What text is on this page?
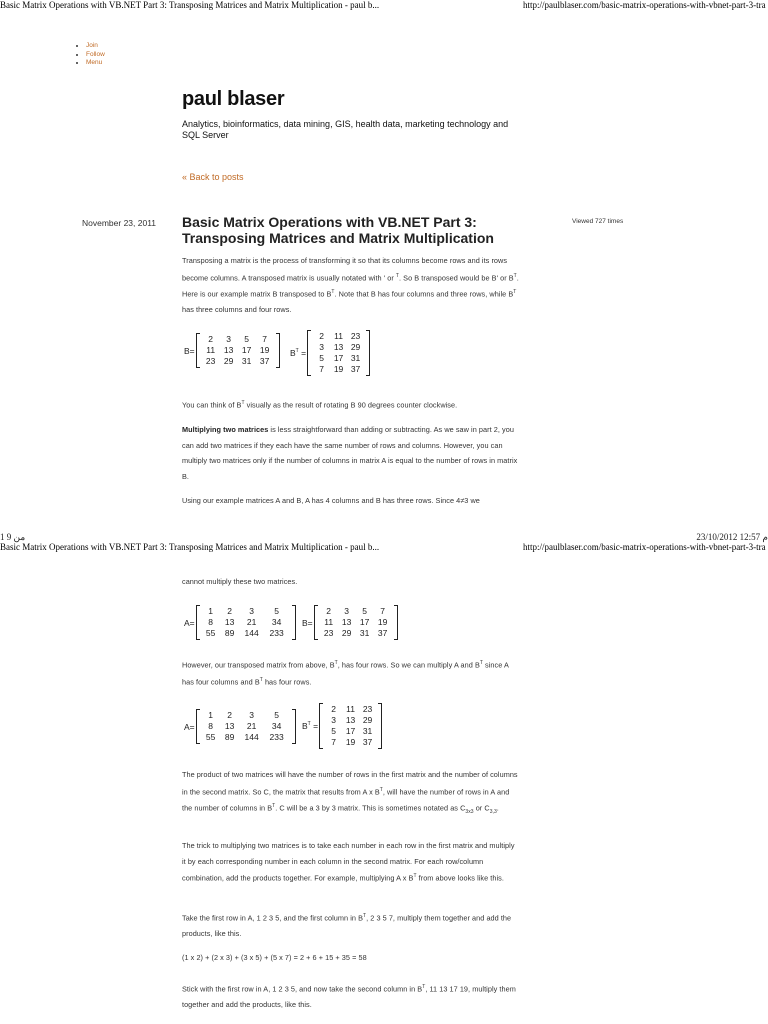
Basic Matrix Operations with VB.NET Part 3: Transposing Matrices and Matrix Multiplication - paul b...	http://paulblaser.com/basic-matrix-operations-with-vbnet-part-3-tra
• Join
• Follow
• Menu
paul blaser
Analytics, bioinformatics, data mining, GIS, health data, marketing technology and SQL Server
« Back to posts
November 23, 2011 Basic Matrix Operations with VB.NET Part 3: Transposing Matrices and Matrix Multiplication
Viewed 727 times

Transposing a matrix is the process of transforming it so that its columns become rows and its rows become columns. A transposed matrix is usually notated with ' or $^T$. So B transposed would be B' or $B^T$. Here is our example matrix B transposed to $B^T$. Note that B has four columns and three rows, while $B^T$ has three columns and four rows.

B=
2	3	5	7
11	13	17	19
23	29	31	37
$B^T$ =
2	11 23
3	13 29
5	17 31
7	19 37

You can think of $B^T$ visually as the result of rotating B 90 degrees counter clockwise.

Multiplying two matrices is less straightforward than adding or subtracting. As we saw in part 2, you can add two matrices if they each have the same number of rows and columns. However, you can multiply two matrices only if the number of columns in matrix A is equal to the number of rows in matrix B.

Using our example matrices A and B, A has 4 columns and B has three rows. Since 4≠3 we

1 من 9	23/10/2012 12:57 م
Basic Matrix Operations with VB.NET Part 3: Transposing Matrices and Matrix Multiplication - paul b...	http://paulblaser.com/basic-matrix-operations-with-vbnet-part-3-tra

cannot multiply these two matrices.

A=
1	2	3	5
8	13	21	34
55	89	144	233
B=
2	3	5	7
11	13	17	19
23	29	31	37

However, our transposed matrix from above, $B^T$, has four rows. So we can multiply A and $B^T$ since A has four columns and $B^T$ has four rows.

A=
1	2	3	5
8	13	21	34
55	89	144	233
$B^T$ =
2	11 23
3	13 29
5	17 31
7	19 37

The product of two matrices will have the number of rows in the first matrix and the number of columns in the second matrix. So C, the matrix that results from A x $B^T$, will have the number of rows in A and the number of columns in $B^T$. C will be a 3 by 3 matrix. This is sometimes notated as $C_{3x3}$ or $C_{3,3}$.

The trick to multiplying two matrices is to take each number in each row in the first matrix and multiply it by each corresponding number in each column in the second matrix. For each row/column combination, add the products together. For example, multiplying A x $B^T$ from above looks like this.

Take the first row in A, 1 2 3 5, and the first column in $B^T$, 2 3 5 7, multiply them together and add the products, like this.

(1 x 2) + (2 x 3) + (3 x 5) + (5 x 7) = 2 + 6 + 15 + 35 = 58

Stick with the first row in A, 1 2 3 5, and now take the second column in $B^T$, 11 13 17 19, multiply them together and add the products, like this.
